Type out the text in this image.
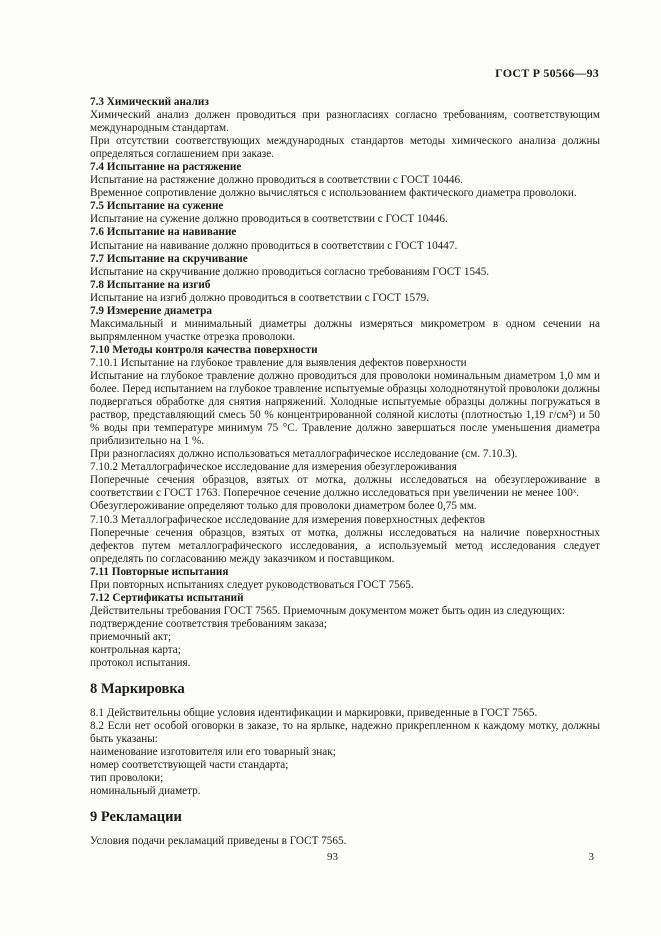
ГОСТ Р 50566—93

7.3 Химический анализ

Химический анализ должен проводиться при разногласиях согласно требованиям, соответствующим международным стандартам.

При отсутствии соответствующих международных стандартов методы химического анализа должны определяться соглашением при заказе.

7.4 Испытание на растяжение

Испытание на растяжение должно проводиться в соответствии с ГОСТ 10446.

Временное сопротивление должно вычисляться с использованием фактического диаметра проволоки.

7.5 Испытание на сужение

Испытание на сужение должно проводиться в соответствии с ГОСТ 10446.

7.6 Испытание на навивание

Испытание на навивание должно проводиться в соответствии с ГОСТ 10447.

7.7 Испытание на скручивание

Испытание на скручивание должно проводиться согласно требованиям ГОСТ 1545.

7.8 Испытание на изгиб

Испытание на изгиб должно проводиться в соответствии с ГОСТ 1579.

7.9 Измерение диаметра

Максимальный и минимальный диаметры должны измеряться микрометром в одном сечении на выпрямленном участке отрезка проволоки.

7.10 Методы контроля качества поверхности

7.10.1 Испытание на глубокое травление для выявления дефектов поверхности

Испытание на глубокое травление должно проводиться для проволоки номинальным диаметром 1,0 мм и более. Перед испытанием на глубокое травление испытуемые образцы холоднотянутой проволоки должны подвергаться обработке для снятия напряжений. Холодные испытуемые образцы должны погружаться в раствор, представляющий смесь 50 % концентрированной соляной кислоты (плотностью 1,19 г/см³) и 50 % воды при температуре минимум 75 °С. Травление должно завершаться после уменьшения диаметра приблизительно на 1 %.

При разногласиях должно использоваться металлографическое исследование (см. 7.10.3).

7.10.2 Металлографическое исследование для измерения обезуглероживания

Поперечные сечения образцов, взятых от мотка, должны исследоваться на обезуглероживание в соответствии с ГОСТ 1763. Поперечное сечение должно исследоваться при увеличении не менее 100ˣ.

Обезуглероживание определяют только для проволоки диаметром более 0,75 мм.

7.10.3 Металлографическое исследование для измерения поверхностных дефектов

Поперечные сечения образцов, взятых от мотка, должны исследоваться на наличие поверхностных дефектов путем металлографического исследования, а используемый метод исследования следует определять по согласованию между заказчиком и поставщиком.

7.11 Повторные испытания

При повторных испытаниях следует руководствоваться ГОСТ 7565.

7.12 Сертификаты испытаний

Действительны требования ГОСТ 7565. Приемочным документом может быть один из следующих:

подтверждение соответствия требованиям заказа;

приемочный акт;

контрольная карта;

протокол испытания.

8 Маркировка

8.1 Действительны общие условия идентификации и маркировки, приведенные в ГОСТ 7565.

8.2 Если нет особой оговорки в заказе, то на ярлыке, надежно прикрепленном к каждому мотку, должны быть указаны:

наименование изготовителя или его товарный знак;

номер соответствующей части стандарта;

тип проволоки;

номинальный диаметр.

9 Рекламации

Условия подачи рекламаций приведены в ГОСТ 7565.

93	3
